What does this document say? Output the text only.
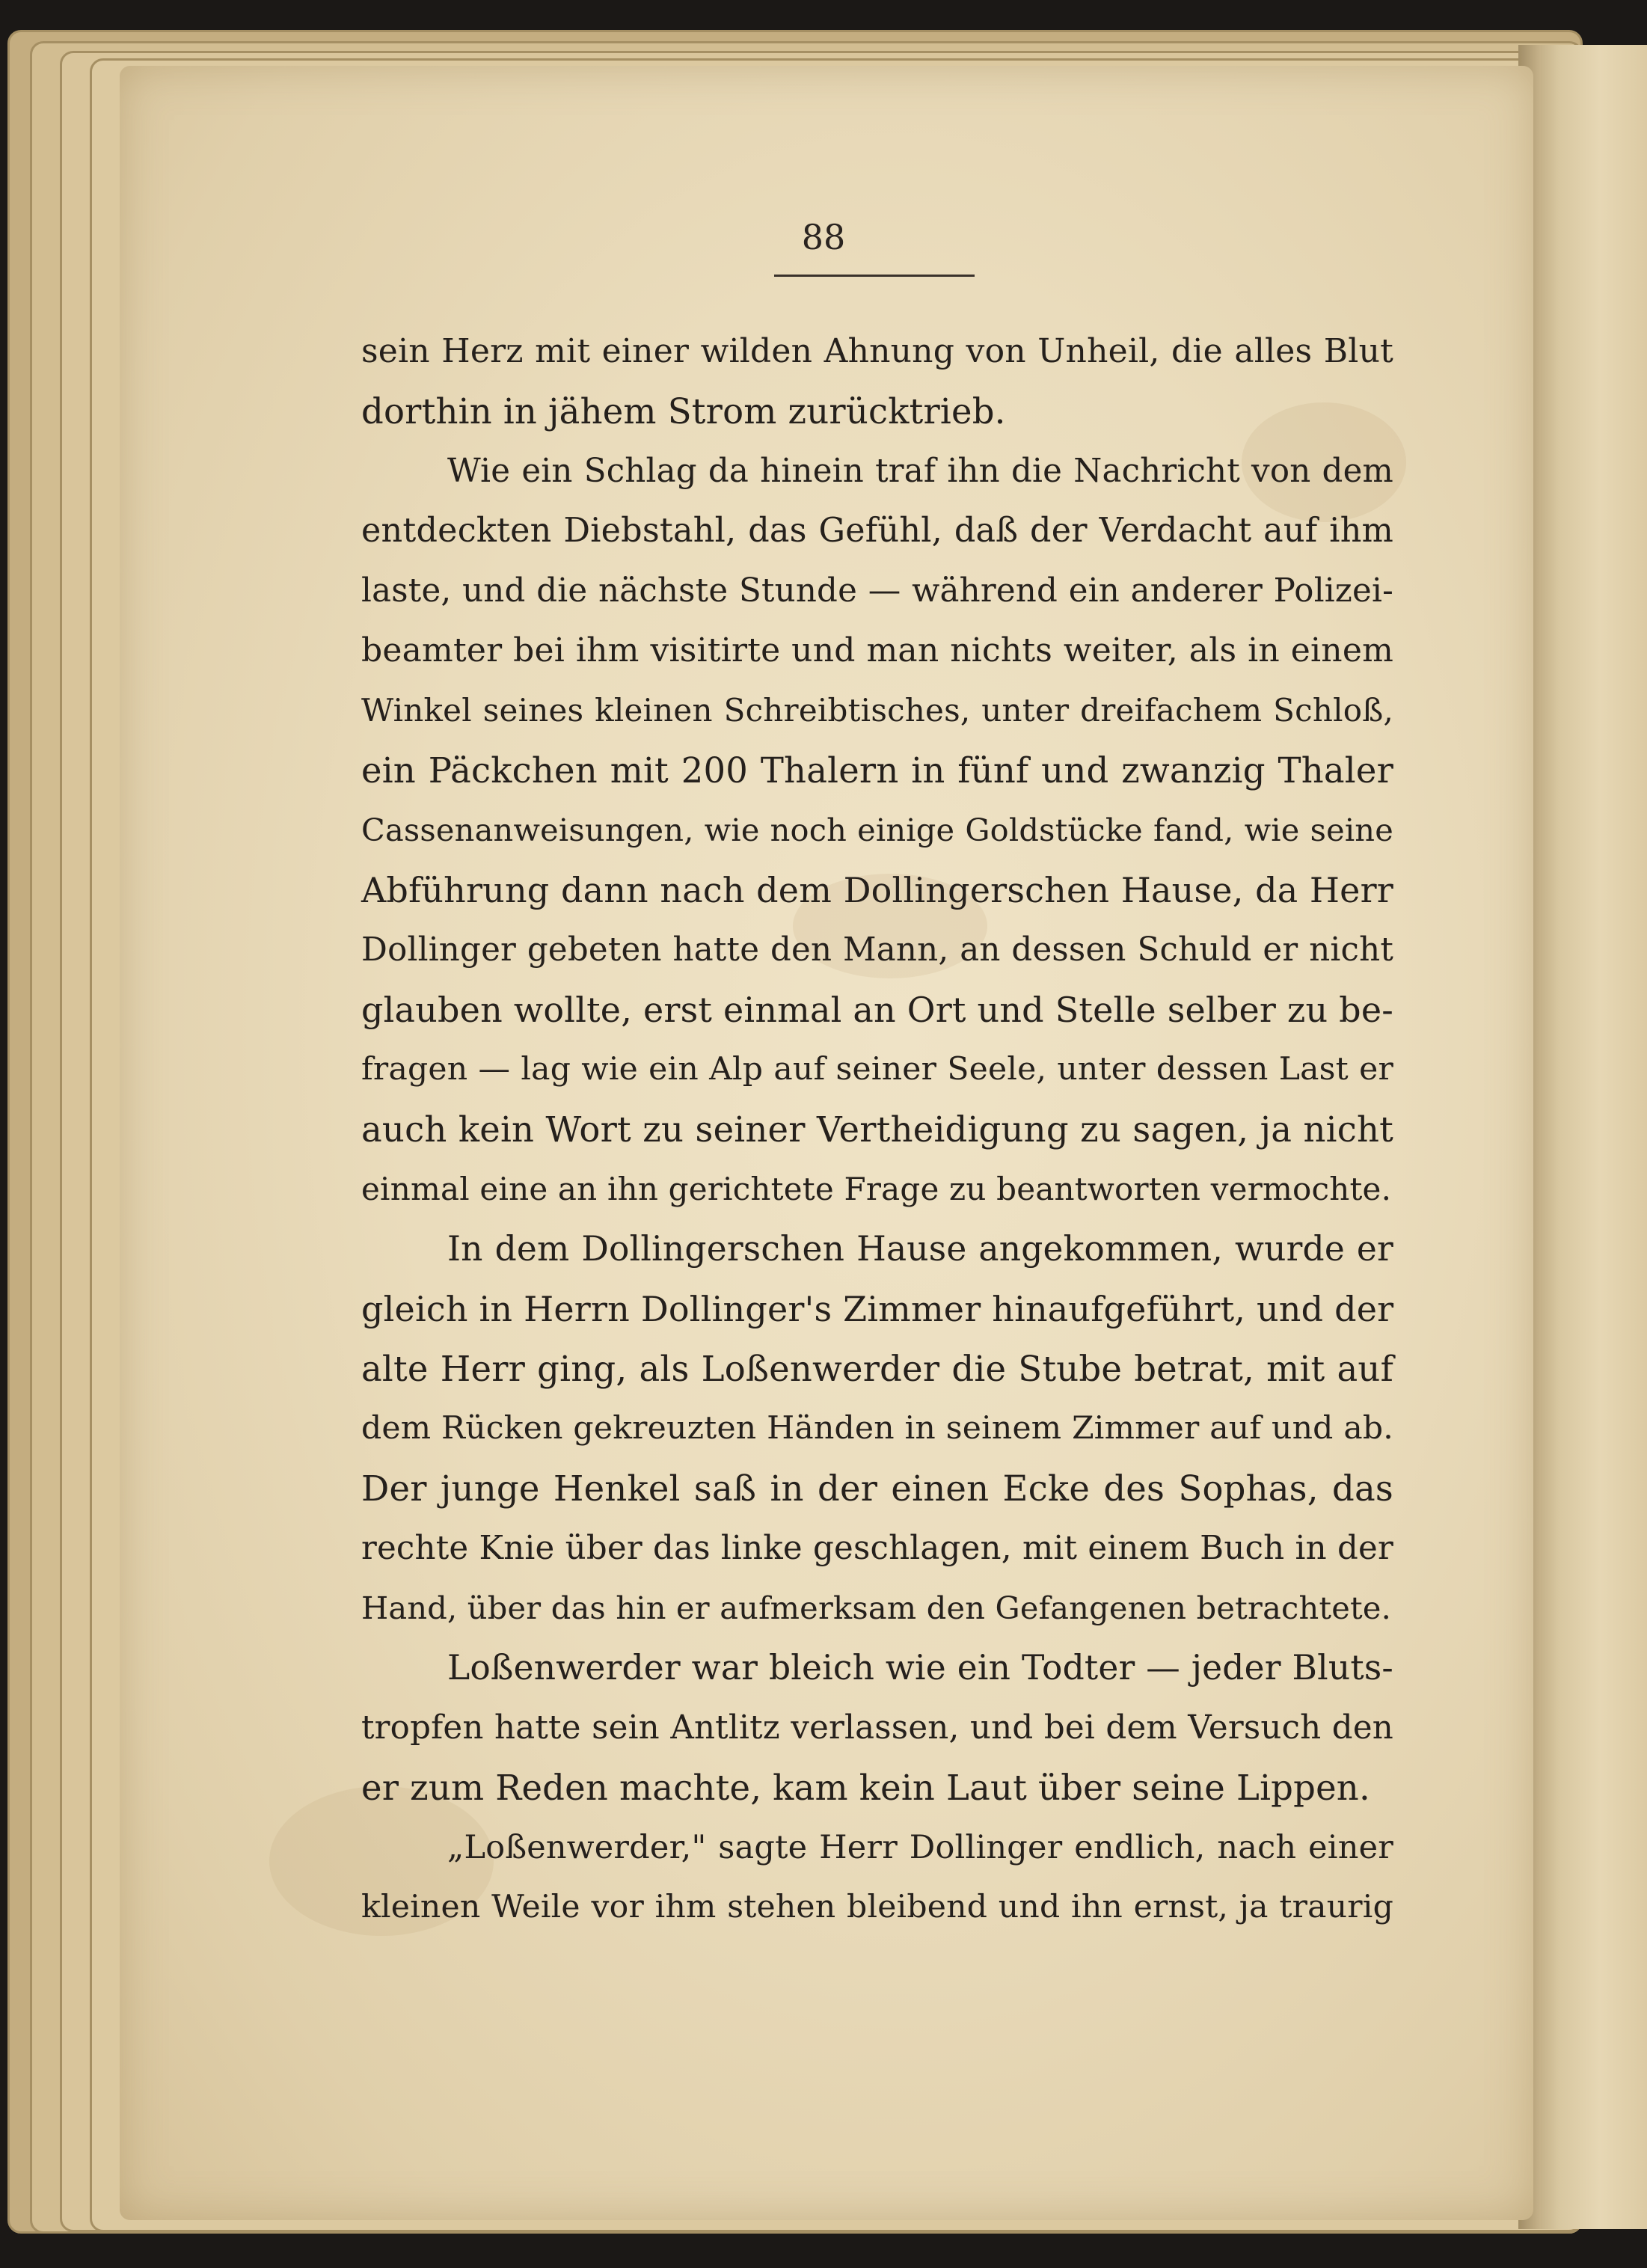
88
sein Herz mit einer wilden Ahnung von Unheil, die alles Blut
dorthin in jähem Strom zurücktrieb.
Wie ein Schlag da hinein traf ihn die Nachricht von dem
entdeckten Diebstahl, das Gefühl, daß der Verdacht auf ihm
laste, und die nächste Stunde — während ein anderer Polizei-
beamter bei ihm visitirte und man nichts weiter, als in einem
Winkel seines kleinen Schreibtisches, unter dreifachem Schloß,
ein Päckchen mit 200 Thalern in fünf und zwanzig Thaler
Cassenanweisungen, wie noch einige Goldstücke fand, wie seine
Abführung dann nach dem Dollingerschen Hause, da Herr
Dollinger gebeten hatte den Mann, an dessen Schuld er nicht
glauben wollte, erst einmal an Ort und Stelle selber zu be-
fragen — lag wie ein Alp auf seiner Seele, unter dessen Last er
auch kein Wort zu seiner Vertheidigung zu sagen, ja nicht
einmal eine an ihn gerichtete Frage zu beantworten vermochte.
In dem Dollingerschen Hause angekommen, wurde er
gleich in Herrn Dollinger's Zimmer hinaufgeführt, und der
alte Herr ging, als Loßenwerder die Stube betrat, mit auf
dem Rücken gekreuzten Händen in seinem Zimmer auf und ab.
Der junge Henkel saß in der einen Ecke des Sophas, das
rechte Knie über das linke geschlagen, mit einem Buch in der
Hand, über das hin er aufmerksam den Gefangenen betrachtete.
Loßenwerder war bleich wie ein Todter — jeder Bluts-
tropfen hatte sein Antlitz verlassen, und bei dem Versuch den
er zum Reden machte, kam kein Laut über seine Lippen.
„Loßenwerder," sagte Herr Dollinger endlich, nach einer
kleinen Weile vor ihm stehen bleibend und ihn ernst, ja traurig
